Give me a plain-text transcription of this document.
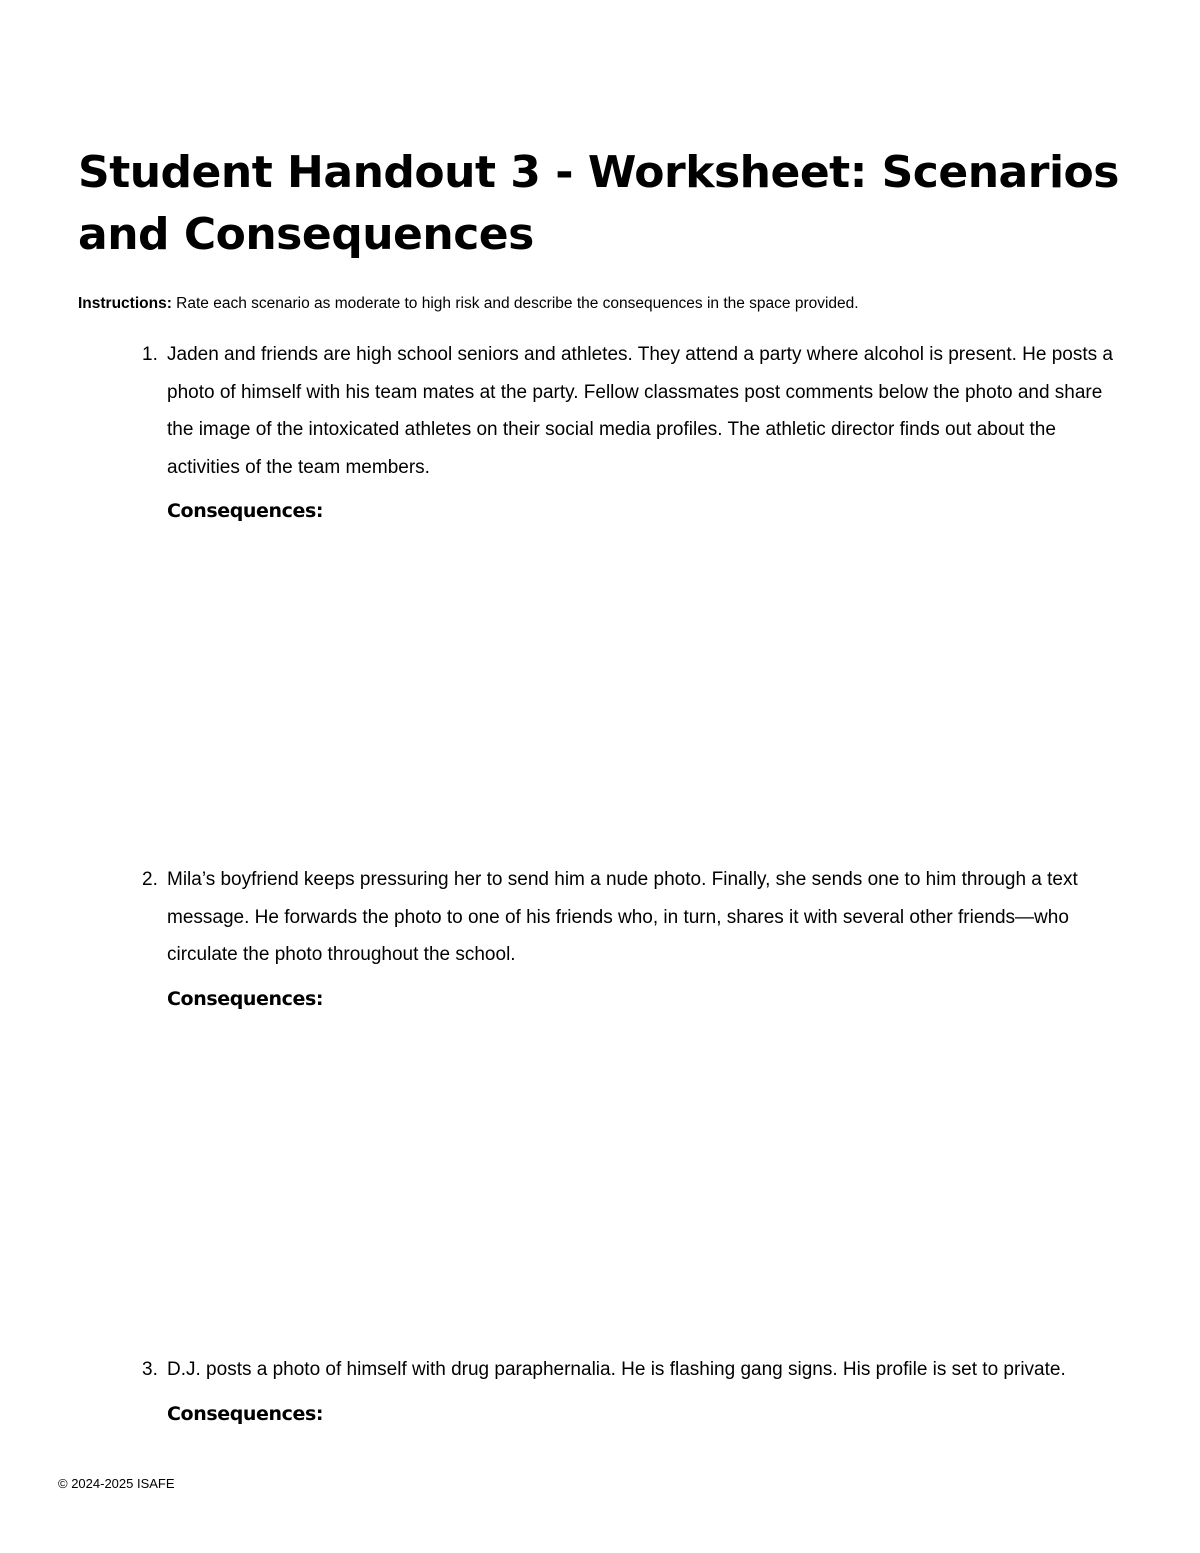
Student Handout 3 - Worksheet: Scenarios and Consequences

Instructions: Rate each scenario as moderate to high risk and describe the consequences in the space provided.

1. Jaden and friends are high school seniors and athletes. They attend a party where alcohol is present. He posts a photo of himself with his team mates at the party. Fellow classmates post comments below the photo and share the image of the intoxicated athletes on their social media profiles. The athletic director finds out about the activities of the team members.

Consequences:

2. Mila’s boyfriend keeps pressuring her to send him a nude photo. Finally, she sends one to him through a text message. He forwards the photo to one of his friends who, in turn, shares it with several other friends—who circulate the photo throughout the school.

Consequences:

3. D.J. posts a photo of himself with drug paraphernalia. He is flashing gang signs. His profile is set to private.

Consequences:

© 2024-2025 ISAFE
